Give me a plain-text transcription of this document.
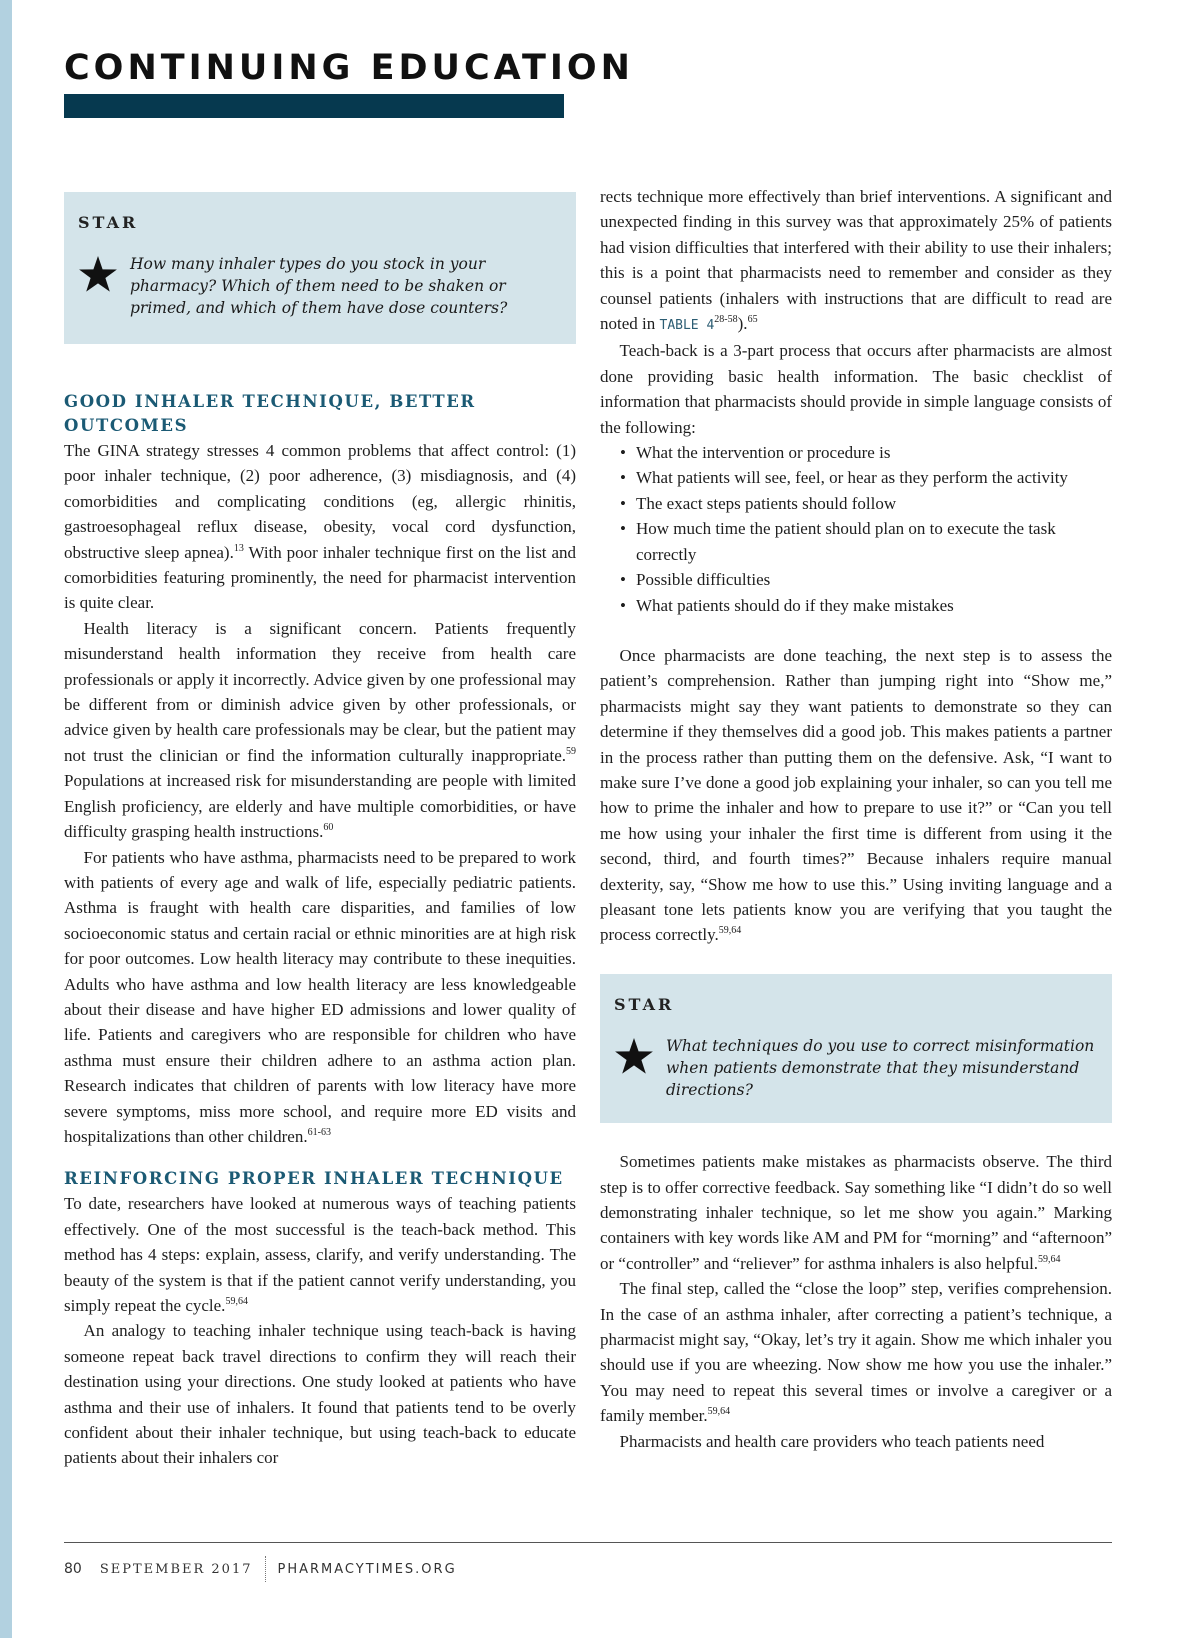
CONTINUING EDUCATION
STAR
How many inhaler types do you stock in your pharmacy? Which of them need to be shaken or primed, and which of them have dose counters?
GOOD INHALER TECHNIQUE, BETTER OUTCOMES

The GINA strategy stresses 4 common problems that affect control: (1) poor inhaler technique, (2) poor adherence, (3) misdiagnosis, and (4) comorbidities and complicating conditions (eg, allergic rhinitis, gastroesophageal reflux disease, obesity, vocal cord dysfunction, obstructive sleep apnea).$^{13}$ With poor inhaler technique first on the list and comorbidities featuring prominently, the need for pharmacist intervention is quite clear.

Health literacy is a significant concern. Patients frequently misunderstand health information they receive from health care professionals or apply it incorrectly. Advice given by one professional may be different from or diminish advice given by other professionals, or advice given by health care professionals may be clear, but the patient may not trust the clinician or find the information culturally inappropriate.$^{59}$ Populations at increased risk for misunderstanding are people with limited English proficiency, are elderly and have multiple comorbidities, or have difficulty grasping health instructions.$^{60}$

For patients who have asthma, pharmacists need to be prepared to work with patients of every age and walk of life, especially pediatric patients. Asthma is fraught with health care disparities, and families of low socioeconomic status and certain racial or ethnic minorities are at high risk for poor outcomes. Low health literacy may contribute to these inequities. Adults who have asthma and low health literacy are less knowledgeable about their disease and have higher ED admissions and lower quality of life. Patients and caregivers who are responsible for children who have asthma must ensure their children adhere to an asthma action plan. Research indicates that children of parents with low literacy have more severe symptoms, miss more school, and require more ED visits and hospitalizations than other children.$^{61-63}$

REINFORCING PROPER INHALER TECHNIQUE

To date, researchers have looked at numerous ways of teaching patients effectively. One of the most successful is the teach-back method. This method has 4 steps: explain, assess, clarify, and verify understanding. The beauty of the system is that if the patient cannot verify understanding, you simply repeat the cycle.$^{59,64}$

An analogy to teaching inhaler technique using teach-back is having someone repeat back travel directions to confirm they will reach their destination using your directions. One study looked at patients who have asthma and their use of inhalers. It found that patients tend to be overly confident about their inhaler technique, but using teach-back to educate patients about their inhalers cor

rects technique more effectively than brief interventions. A significant and unexpected finding in this survey was that approximately 25% of patients had vision difficulties that interfered with their ability to use their inhalers; this is a point that pharmacists need to remember and consider as they counsel patients (inhalers with instructions that are difficult to read are noted in TABLE 4$^{28-58}$).$^{65}$

Teach-back is a 3-part process that occurs after pharmacists are almost done providing basic health information. The basic checklist of information that pharmacists should provide in simple language consists of the following:

• What the intervention or procedure is
• What patients will see, feel, or hear as they perform the activity
• The exact steps patients should follow
• How much time the patient should plan on to execute the task correctly
• Possible difficulties
• What patients should do if they make mistakes

Once pharmacists are done teaching, the next step is to assess the patient’s comprehension. Rather than jumping right into “Show me,” pharmacists might say they want patients to demonstrate so they can determine if they themselves did a good job. This makes patients a partner in the process rather than putting them on the defensive. Ask, “I want to make sure I’ve done a good job explaining your inhaler, so can you tell me how to prime the inhaler and how to prepare to use it?” or “Can you tell me how using your inhaler the first time is different from using it the second, third, and fourth times?” Because inhalers require manual dexterity, say, “Show me how to use this.” Using inviting language and a pleasant tone lets patients know you are verifying that you taught the process correctly.$^{59,64}$

STAR
What techniques do you use to correct misinformation when patients demonstrate that they misunderstand directions?

Sometimes patients make mistakes as pharmacists observe. The third step is to offer corrective feedback. Say something like “I didn’t do so well demonstrating inhaler technique, so let me show you again.” Marking containers with key words like AM and PM for “morning” and “afternoon” or “controller” and “reliever” for asthma inhalers is also helpful.$^{59,64}$

The final step, called the “close the loop” step, verifies comprehension. In the case of an asthma inhaler, after correcting a patient’s technique, a pharmacist might say, “Okay, let’s try it again. Show me which inhaler you should use if you are wheezing. Now show me how you use the inhaler.” You may need to repeat this several times or involve a caregiver or a family member.$^{59,64}$

Pharmacists and health care providers who teach patients need

80 SEPTEMBER 2017 PHARMACYTIMES.ORG
